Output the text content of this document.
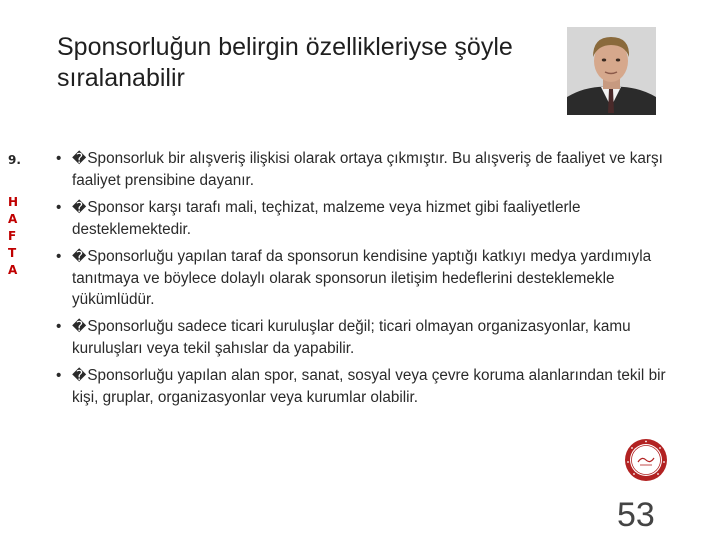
Sponsorluğun belirgin özellikleriyse şöyle sıralanabilir
9.
H
A
F
T
A
• �Sponsorluk bir alışveriş ilişkisi olarak ortaya çıkmıştır. Bu alışveriş de faaliyet ve karşı faaliyet prensibine dayanır.
• �Sponsor karşı tarafı mali, teçhizat, malzeme veya hizmet gibi faaliyetlerle desteklemektedir.
• �Sponsorluğu yapılan taraf da sponsorun kendisine yaptığı katkıyı medya yardımıyla tanıtmaya ve böylece dolaylı olarak sponsorun iletişim hedeflerini desteklemekle yükümlüdür.
• �Sponsorluğu sadece ticari kuruluşlar değil; ticari olmayan organizasyonlar, kamu kuruluşları veya tekil şahıslar da yapabilir.
• �Sponsorluğu yapılan alan spor, sanat, sosyal veya çevre koruma alanlarından tekil bir kişi, gruplar, organizasyonlar veya kurumlar olabilir.
53
